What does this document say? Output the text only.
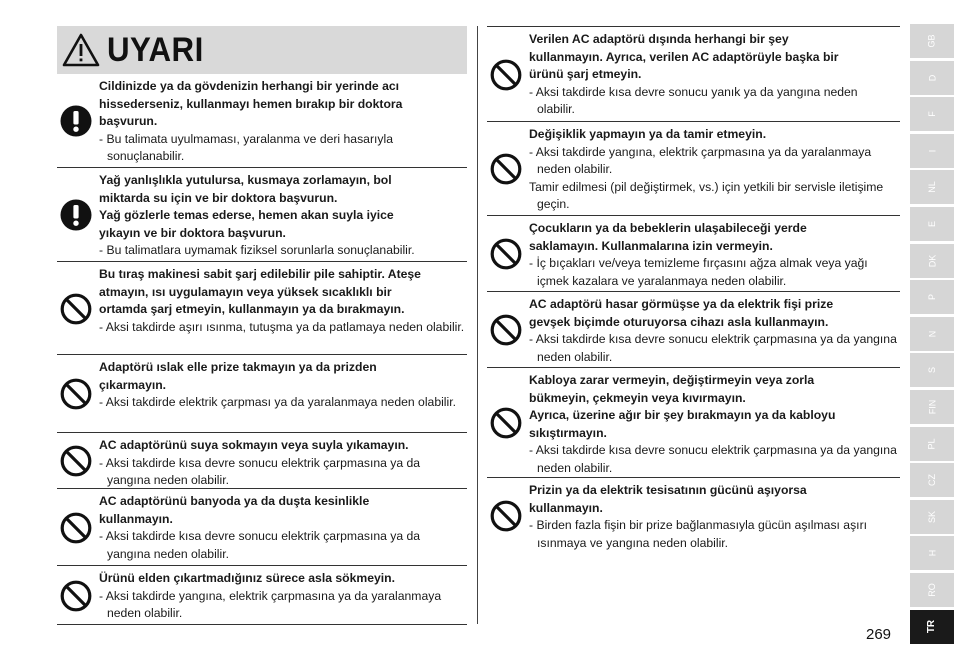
UYARI
Cildinizde ya da gövdenizin herhangi bir yerinde acı
hissederseniz, kullanmayı hemen bırakıp bir doktora
başvurun.
- Bu talimata uyulmaması, yaralanma ve deri hasarıyla sonuçlanabilir.
Yağ yanlışlıkla yutulursa, kusmaya zorlamayın, bol
miktarda su için ve bir doktora başvurun.
Yağ gözlerle temas ederse, hemen akan suyla iyice
yıkayın ve bir doktora başvurun.
- Bu talimatlara uymamak fiziksel sorunlarla sonuçlanabilir.
Bu tıraş makinesi sabit şarj edilebilir pile sahiptir. Ateşe
atmayın, ısı uygulamayın veya yüksek sıcaklıklı bir
ortamda şarj etmeyin, kullanmayın ya da bırakmayın.
- Aksi takdirde aşırı ısınma, tutuşma ya da patlamaya neden olabilir.
Adaptörü ıslak elle prize takmayın ya da prizden
çıkarmayın.
- Aksi takdirde elektrik çarpması ya da yaralanmaya neden olabilir.
AC adaptörünü suya sokmayın veya suyla yıkamayın.
- Aksi takdirde kısa devre sonucu elektrik çarpmasına ya da yangına neden olabilir.
AC adaptörünü banyoda ya da duşta kesinlikle
kullanmayın.
- Aksi takdirde kısa devre sonucu elektrik çarpmasına ya da yangına neden olabilir.
Ürünü elden çıkartmadığınız sürece asla sökmeyin.
- Aksi takdirde yangına, elektrik çarpmasına ya da yaralanmaya neden olabilir.
Verilen AC adaptörü dışında herhangi bir şey
kullanmayın. Ayrıca, verilen AC adaptörüyle başka bir
ürünü şarj etmeyin.
- Aksi takdirde kısa devre sonucu yanık ya da yangına neden olabilir.
Değişiklik yapmayın ya da tamir etmeyin.
- Aksi takdirde yangına, elektrik çarpmasına ya da yaralanmaya neden olabilir.
Tamir edilmesi (pil değiştirmek, vs.) için yetkili bir servisle iletişime geçin.
Çocukların ya da bebeklerin ulaşabileceği yerde
saklamayın. Kullanmalarına izin vermeyin.
- İç bıçakları ve/veya temizleme fırçasını ağza almak veya yağı içmek kazalara ve yaralanmaya neden olabilir.
AC adaptörü hasar görmüşse ya da elektrik fişi prize
gevşek biçimde oturuyorsa cihazı asla kullanmayın.
- Aksi takdirde kısa devre sonucu elektrik çarpmasına ya da yangına neden olabilir.
Kabloya zarar vermeyin, değiştirmeyin veya zorla
bükmeyin, çekmeyin veya kıvırmayın.
Ayrıca, üzerine ağır bir şey bırakmayın ya da kabloyu
sıkıştırmayın.
- Aksi takdirde kısa devre sonucu elektrik çarpmasına ya da yangına neden olabilir.
Prizin ya da elektrik tesisatının gücünü aşıyorsa
kullanmayın.
- Birden fazla fişin bir prize bağlanmasıyla gücün aşılması aşırı ısınmaya ve yangına neden olabilir.
GB
D
F
I
NL
E
DK
P
N
S
FIN
PL
CZ
SK
H
RO
TR
269
